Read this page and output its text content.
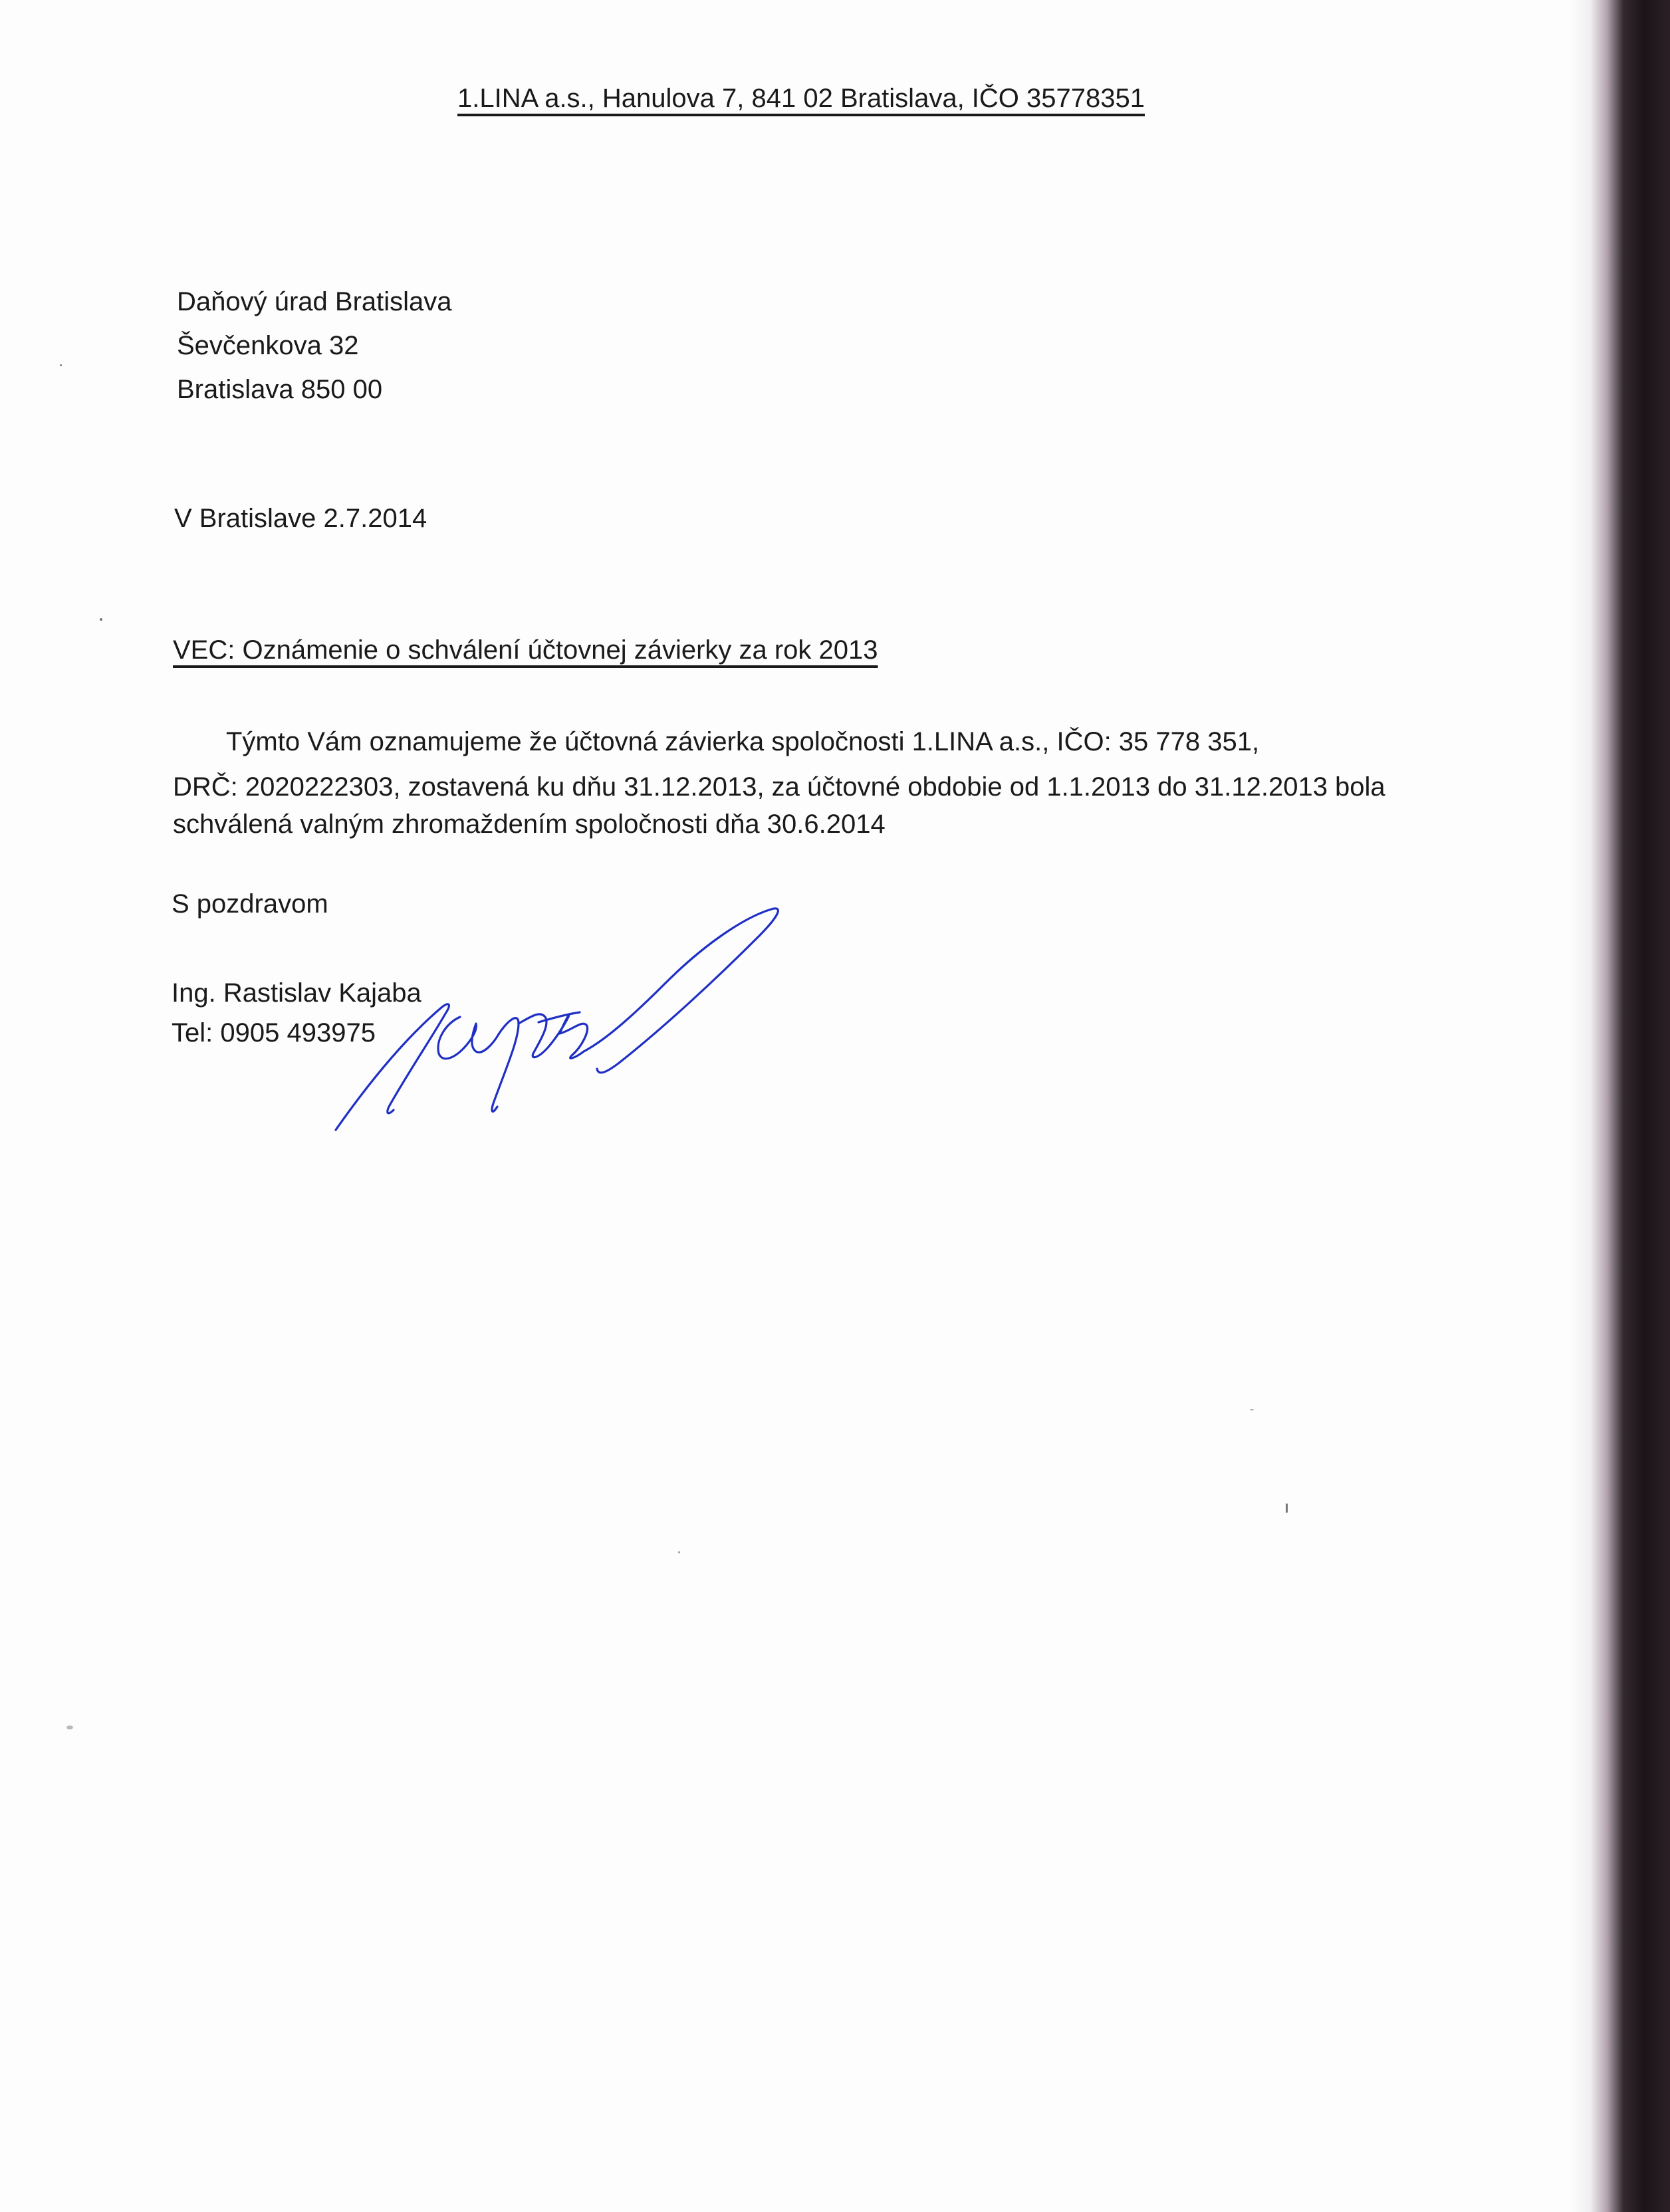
1.LINA a.s., Hanulova 7, 841 02 Bratislava, IČO 35778351
Daňový úrad Bratislava
Ševčenkova 32
Bratislava 850 00
V Bratislave 2.7.2014
VEC: Oznámenie o schválení účtovnej závierky za rok 2013
Týmto Vám oznamujeme že účtovná závierka spoločnosti 1.LINA a.s., IČO: 35 778 351,
DRČ: 2020222303, zostavená ku dňu 31.12.2013, za účtovné obdobie od 1.1.2013 do 31.12.2013 bola
schválená valným zhromaždením spoločnosti dňa 30.6.2014
S pozdravom
Ing. Rastislav Kajaba
Tel: 0905 493975
